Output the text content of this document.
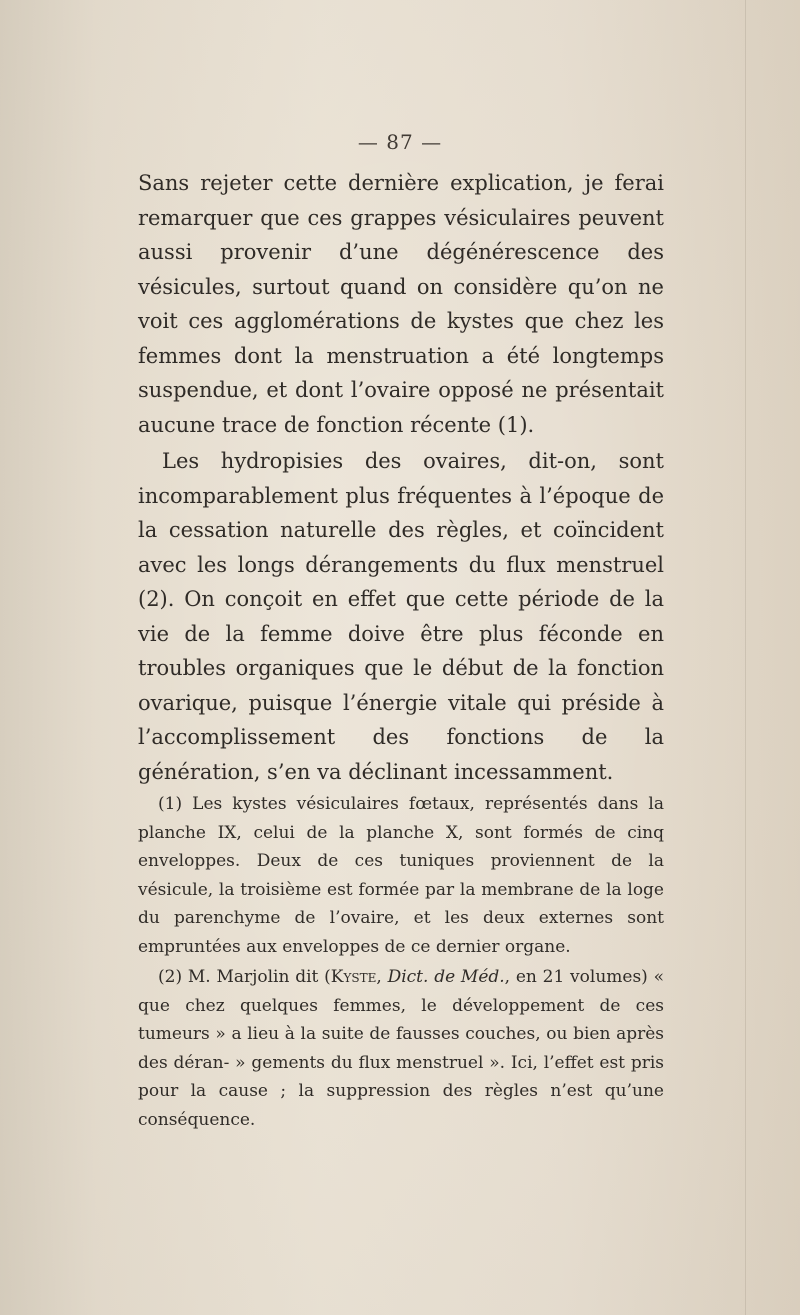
— 87 —

Sans rejeter cette dernière explication, je ferai remarquer que ces grappes vésiculaires peuvent aussi provenir d’une dégénérescence des vésicules, surtout quand on considère qu’on ne voit ces agglomérations de kystes que chez les femmes dont la menstruation a été longtemps suspendue, et dont l’ovaire opposé ne présentait aucune trace de fonction récente (1).

Les hydropisies des ovaires, dit-on, sont incomparablement plus fréquentes à l’époque de la cessation naturelle des règles, et coïncident avec les longs dérangements du flux menstruel (2). On conçoit en effet que cette période de la vie de la femme doive être plus féconde en troubles organiques que le début de la fonction ovarique, puisque l’énergie vitale qui préside à l’accomplissement des fonctions de la génération, s’en va déclinant incessamment.

(1) Les kystes vésiculaires fœtaux, représentés dans la planche IX, celui de la planche X, sont formés de cinq enveloppes. Deux de ces tuniques proviennent de la vésicule, la troisième est formée par la membrane de la loge du parenchyme de l’ovaire, et les deux externes sont empruntées aux enveloppes de ce dernier organe.

(2) M. Marjolin dit (Kyste, Dict. de Méd., en 21 volumes) « que chez quelques femmes, le développement de ces tumeurs » a lieu à la suite de fausses couches, ou bien après des déran- » gements du flux menstruel ». Ici, l’effet est pris pour la cause ; la suppression des règles n’est qu’une conséquence.
